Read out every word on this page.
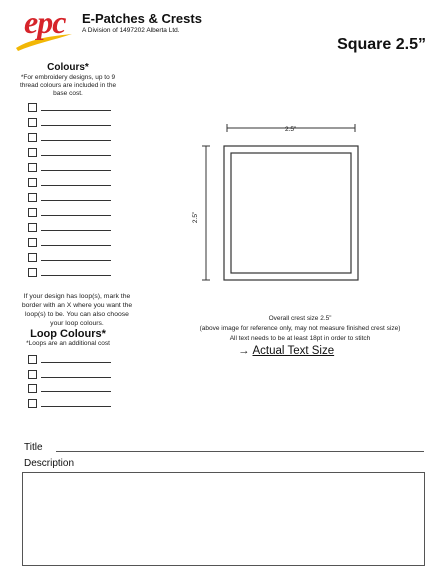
epc E-Patches & Crests
A Division of 1497202 Alberta Ltd.
Square 2.5”
Colours*
*For embroidery designs, up to 9 thread colours are included in the base cost.
If your design has loop(s), mark the border with an X where you want the loop(s) to be. You can also choose your loop colours.
Loop Colours*
*Loops are an additional cost
2.5”
2.5”
Overall crest size 2.5”
(above image for reference only, may not measure finished crest size)
All text needs to be at least 18pt in order to stitch
→ Actual Text Size
Title
Description
